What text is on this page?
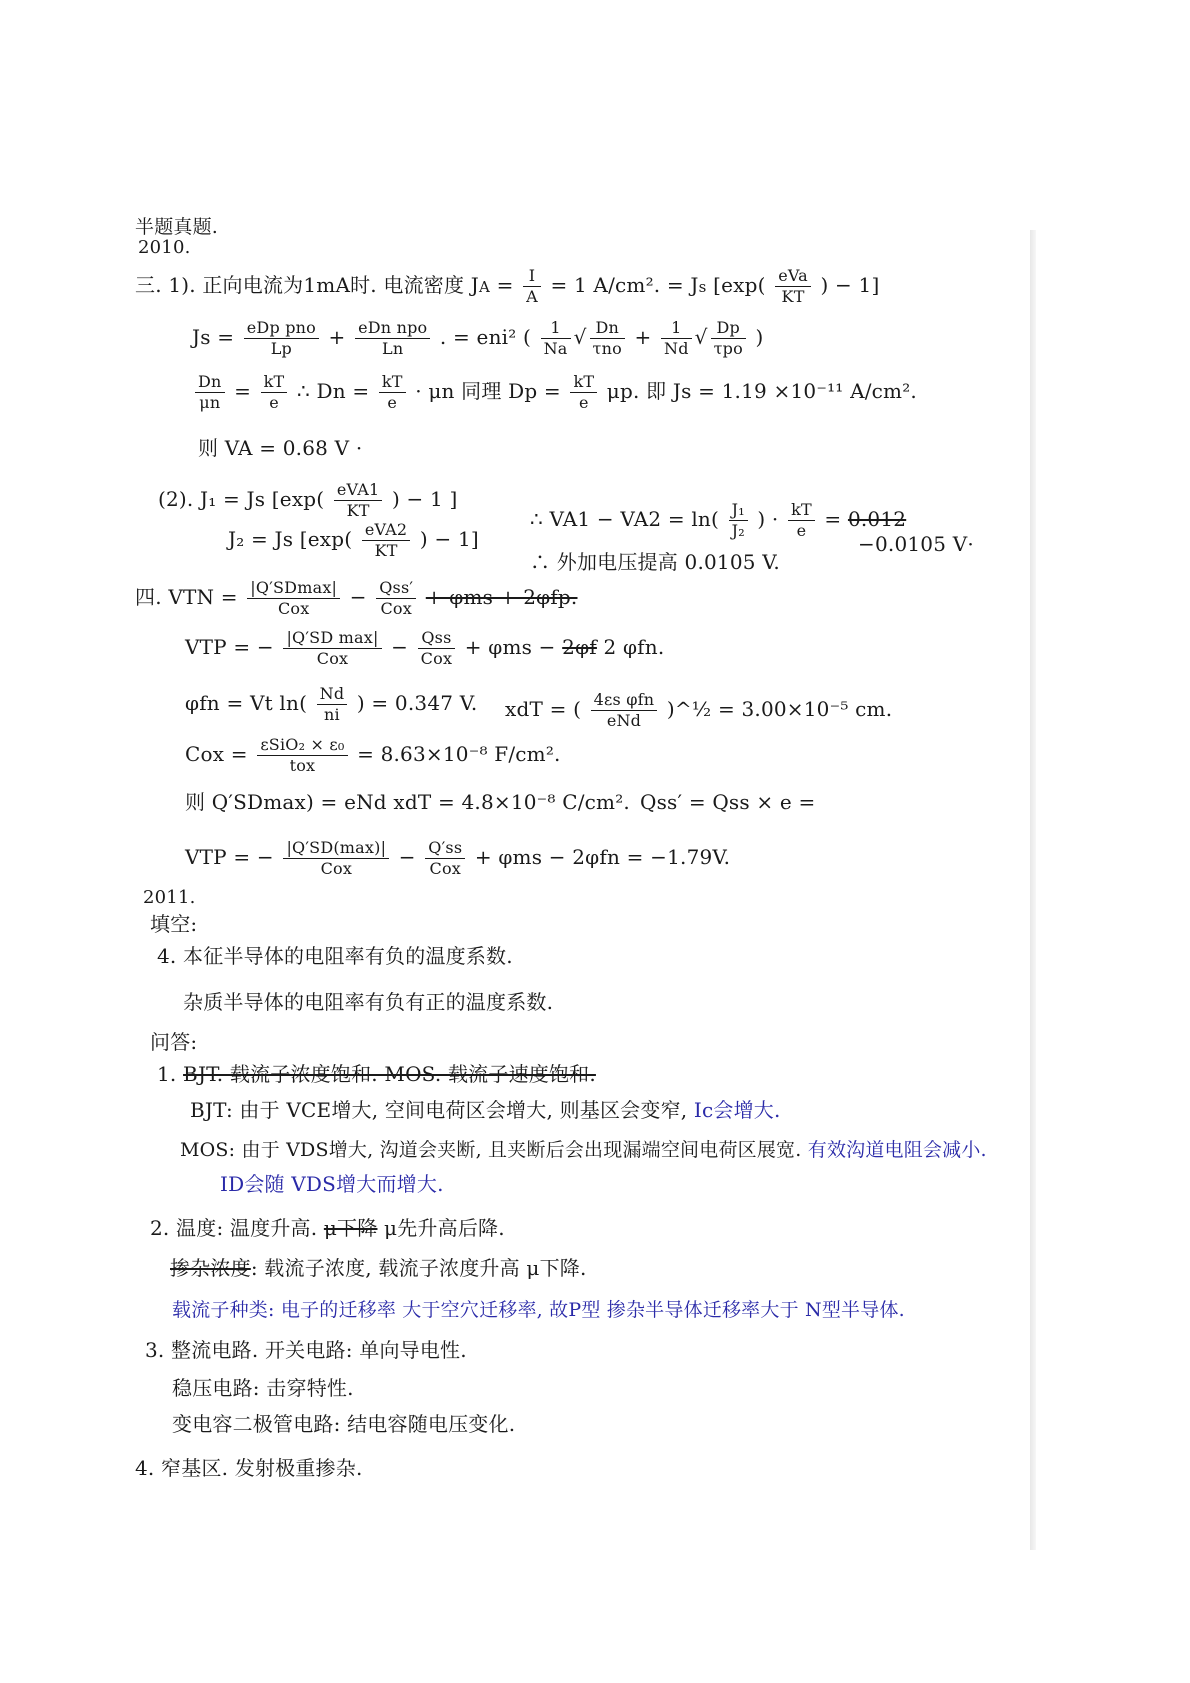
半题真题.
2010.
三. 1). 正向电流为1mA时. 电流密度 JA = $\frac{I}{A} = 1$ A/cm². = Js [$\exp( \frac{\text{eVa}}{KT}$ ) − 1]
$Js = \frac{\text{eDp pno}}{Lp} + \frac{\text{eDn npo}}{Ln}$ . = eni² ( $\frac{1}{Na}$ √ $\frac{Dn}{\text{τno}} + \frac{1}{Nd}$ √ $\frac{Dp}{\text{τpo}}$ )
$\frac{Dn}{\mu n} = \frac{kT}{e}$ ∴ $Dn = \frac{kT}{e} \cdot \mu n$ 同理 $Dp = \frac{kT}{e} \mu p$. 即 Js = 1.19 ×10⁻¹¹ A/cm².
则 VA = 0.68 V ·
(2). J₁ = Js [$\exp( \frac{\text{eVA1}}{KT}$ ) − 1 ]
J₂ = Js [$\exp( \frac{\text{eVA2}}{KT}$ ) − 1]
∴ $VA1 - VA2 = \ln( \frac{\text{J₁}}{\text{J₂}}$ ) · $\frac{kT}{e} = 0.012$
−0.0105 V·
∴ 外加电压提高 0.0105 V.
四. VTN = $\frac{|Q'SDmax|}{\text{Cox}} - \frac{\text{Qss′}}{\text{Cox}} + \varphi ms + 2\varphi fp$.
VTP = − $\frac{\text{|Q′SD max|}}{\text{Cox}} - \frac{\text{Qss}}{\text{Cox}} + \varphi ms - 2\varphi f$ 2 φfn.
φfn = Vt $\ln( \frac{Nd}{ni}$ ) = 0.347 V. xdT = ( $\frac{\text{4εs φfn}}{\text{eNd}}$ )^½ = 3.00×10⁻⁵ cm.
Cox = $\frac{\text{εSiO₂ × ε₀}}{\text{tox}} = 8.63\times 10^{-8}$ F/cm².
则 Q′SDmax) = eNd xdT = 4.8×10⁻⁸ C/cm². Qss′ = Qss × e =
VTP = − $\frac{|Q'SD(\max)|}{\text{Cox}} - \frac{Q'ss}{\text{Cox}} + \varphi ms - 2\varphi fn = -1.79V$.
2011.
填空:
4. 本征半导体的电阻率有负的温度系数.
杂质半导体的电阻率有负有正的温度系数.
问答:
1. BJT. 载流子浓度饱和. MOS. 载流子速度饱和.
BJT: 由于 VCE增大, 空间电荷区会增大, 则基区会变窄, Ic会增大.
MOS: 由于 VDS增大, 沟道会夹断, 且夹断后会出现漏端空间电荷区展宽. 有效沟道电阻会减小.
ID会随 VDS增大而增大.
2. 温度: 温度升高. μ下降 μ先升高后降.
掺杂浓度: 载流子浓度, 载流子浓度升高 μ下降.
载流子种类: 电子的迁移率 大于空穴迁移率, 故P型 掺杂半导体迁移率大于 N型半导体.
3. 整流电路. 开关电路: 单向导电性.
稳压电路: 击穿特性.
变电容二极管电路: 结电容随电压变化.
4. 窄基区. 发射极重掺杂.
